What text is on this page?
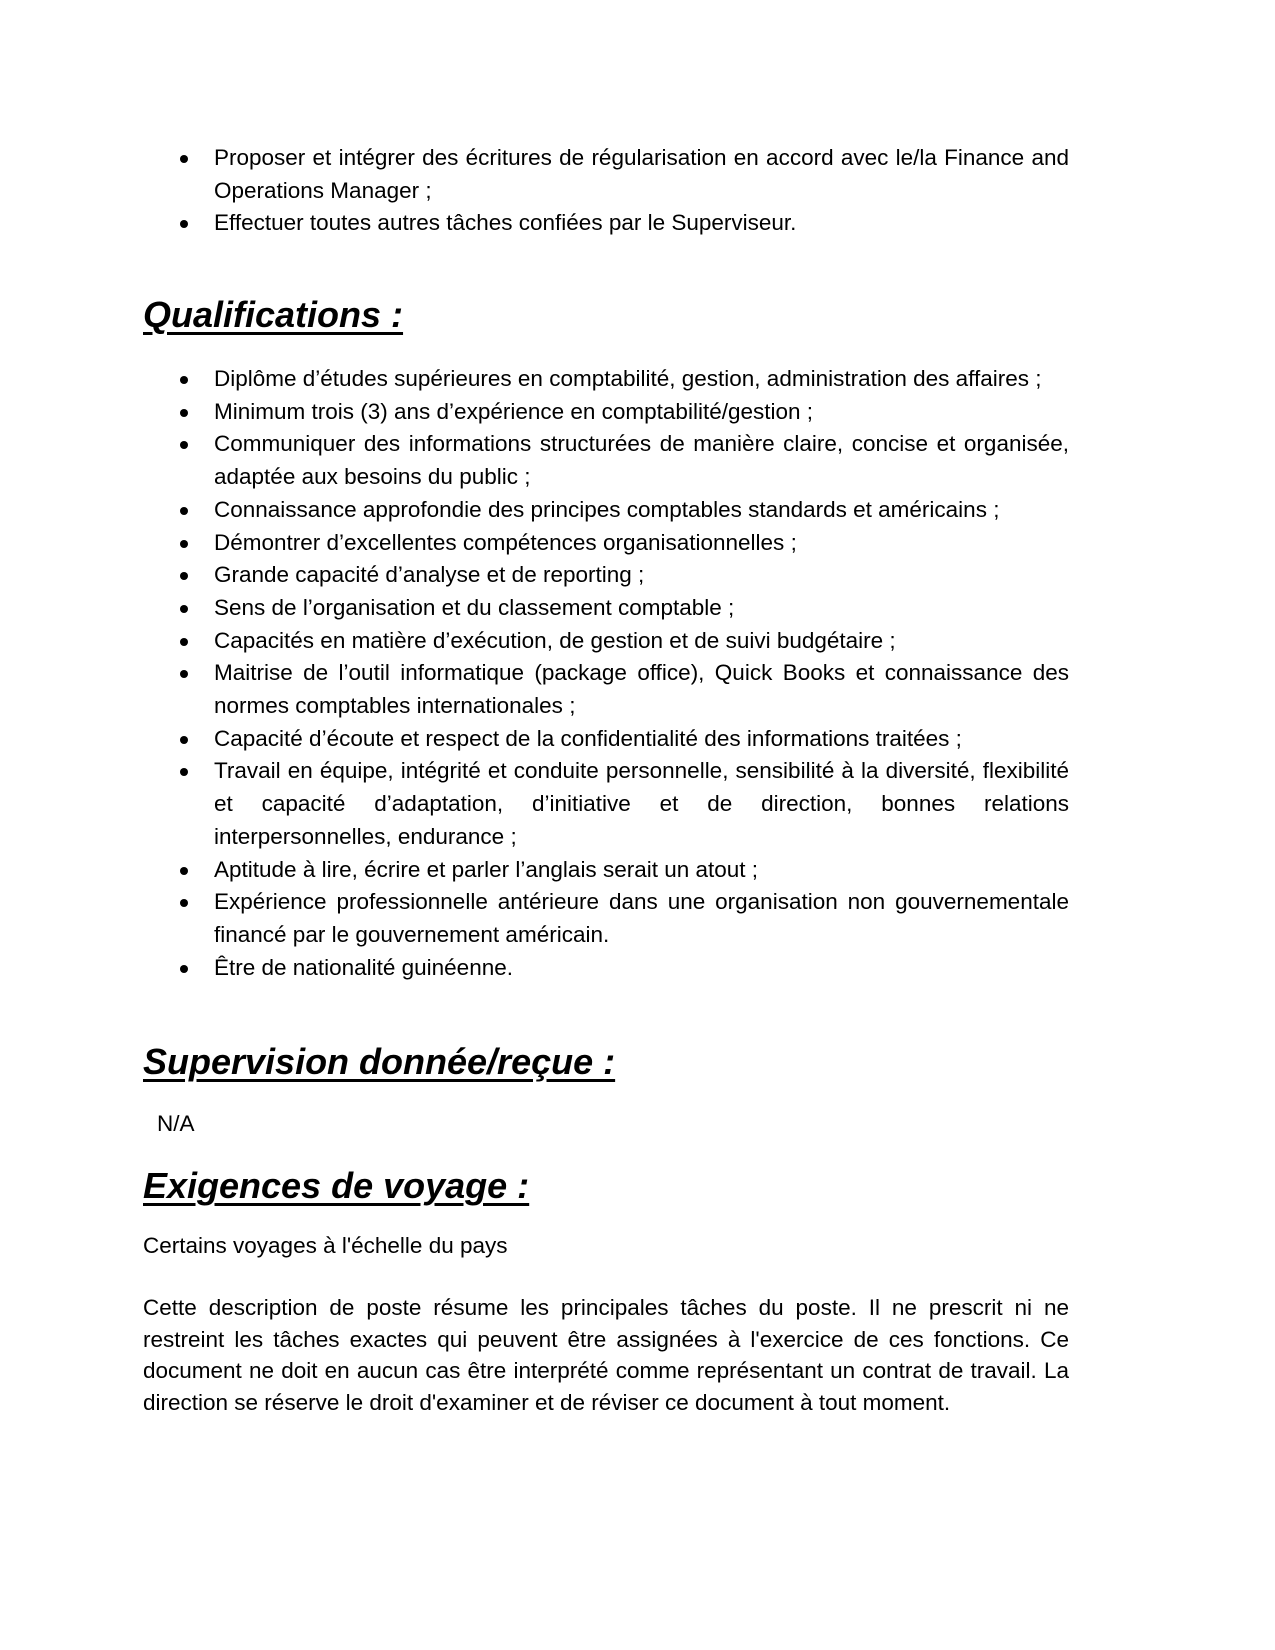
Proposer et intégrer des écritures de régularisation en accord avec le/la Finance and Operations Manager ;
Effectuer toutes autres tâches confiées par le Superviseur.
Qualifications :
Diplôme d’études supérieures en comptabilité, gestion, administration des affaires ;
Minimum trois (3) ans d’expérience en comptabilité/gestion ;
Communiquer des informations structurées de manière claire, concise et organisée, adaptée aux besoins du public ;
Connaissance approfondie des principes comptables standards et américains ;
Démontrer d’excellentes compétences organisationnelles ;
Grande capacité d’analyse et de reporting ;
Sens de l’organisation et du classement comptable ;
Capacités en matière d’exécution, de gestion et de suivi budgétaire ;
Maitrise de l’outil informatique (package office), Quick Books et connaissance des normes comptables internationales ;
Capacité d’écoute et respect de la confidentialité des informations traitées ;
Travail en équipe, intégrité et conduite personnelle, sensibilité à la diversité, flexibilité et capacité d’adaptation, d’initiative et de direction, bonnes relations interpersonnelles, endurance ;
Aptitude à lire, écrire et parler l’anglais serait un atout ;
Expérience professionnelle antérieure dans une organisation non gouvernementale financé par le gouvernement américain.
Être de nationalité guinéenne.
Supervision donnée/reçue :

N/A

Exigences de voyage :

Certains voyages à l'échelle du pays

Cette description de poste résume les principales tâches du poste. Il ne prescrit ni ne restreint les tâches exactes qui peuvent être assignées à l'exercice de ces fonctions. Ce document ne doit en aucun cas être interprété comme représentant un contrat de travail. La direction se réserve le droit d'examiner et de réviser ce document à tout moment.
